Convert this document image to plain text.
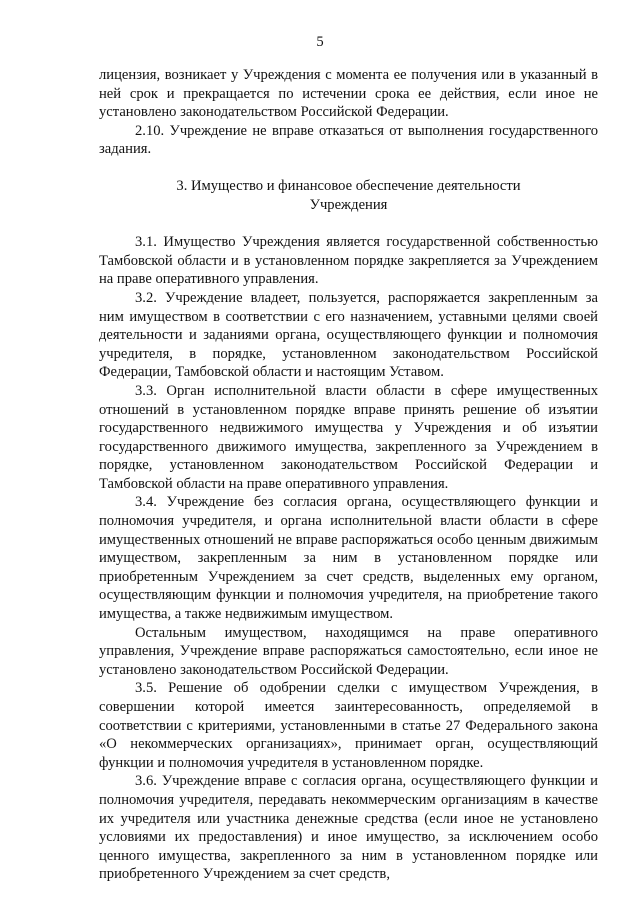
5

лицензия, возникает у Учреждения с момента ее получения или в указанный в ней срок и прекращается по истечении срока ее действия, если иное не установлено законодательством Российской Федерации.

2.10. Учреждение не вправе отказаться от выполнения государственного задания.

3. Имущество и финансовое обеспечение деятельности
Учреждения

3.1. Имущество Учреждения является государственной собственностью Тамбовской области и в установленном порядке закрепляется за Учреждением на праве оперативного управления.

3.2. Учреждение владеет, пользуется, распоряжается закрепленным за ним имуществом в соответствии с его назначением, уставными целями своей деятельности и заданиями органа, осуществляющего функции и полномочия учредителя, в порядке, установленном законодательством Российской Федерации, Тамбовской области и настоящим Уставом.

3.3. Орган исполнительной власти области в сфере имущественных отношений в установленном порядке вправе принять решение об изъятии государственного недвижимого имущества у Учреждения и об изъятии государственного движимого имущества, закрепленного за Учреждением в порядке, установленном законодательством Российской Федерации и Тамбовской области на праве оперативного управления.

3.4. Учреждение без согласия органа, осуществляющего функции и полномочия учредителя, и органа исполнительной власти области в сфере имущественных отношений не вправе распоряжаться особо ценным движимым имуществом, закрепленным за ним в установленном порядке или приобретенным Учреждением за счет средств, выделенных ему органом, осуществляющим функции и полномочия учредителя, на приобретение такого имущества, а также недвижимым имуществом.

Остальным имуществом, находящимся на праве оперативного управления, Учреждение вправе распоряжаться самостоятельно, если иное не установлено законодательством Российской Федерации.

3.5. Решение об одобрении сделки с имуществом Учреждения, в совершении которой имеется заинтересованность, определяемой в соответствии с критериями, установленными в статье 27 Федерального закона «О некоммерческих организациях», принимает орган, осуществляющий функции и полномочия учредителя в установленном порядке.

3.6. Учреждение вправе с согласия органа, осуществляющего функции и полномочия учредителя, передавать некоммерческим организациям в качестве их учредителя или участника денежные средства (если иное не установлено условиями их предоставления) и иное имущество, за исключением особо ценного имущества, закрепленного за ним в установленном порядке или приобретенного Учреждением за счет средств,
